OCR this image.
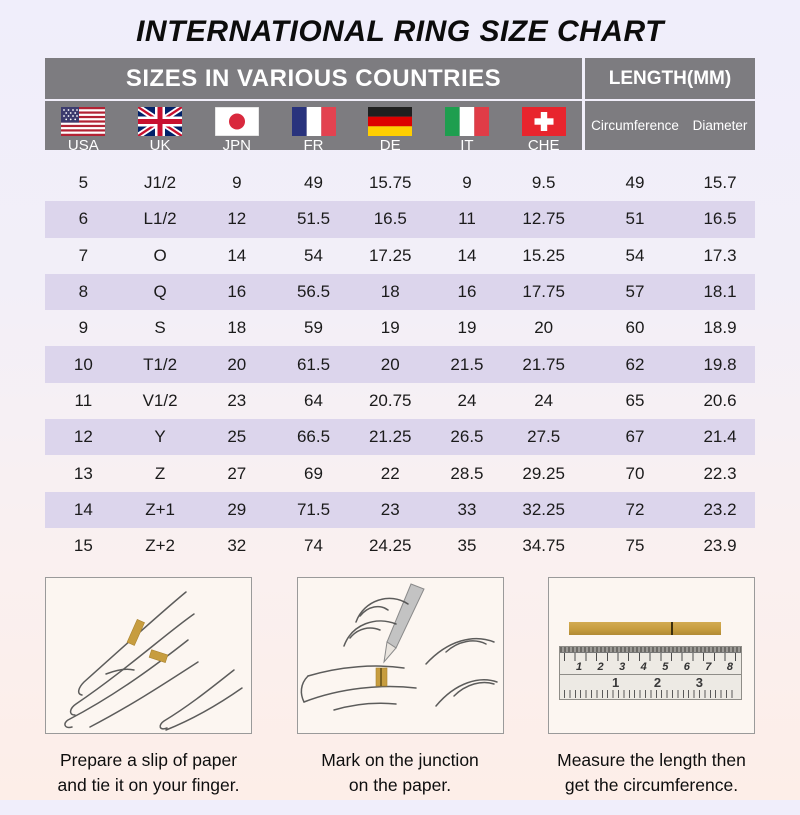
INTERNATIONAL RING SIZE CHART
SIZES IN VARIOUS COUNTRIES	LENGTH(MM)
USA	UK	JPN	FR	DE	IT	CHE
Circumference	Diameter
5	J1/2	9	49	15.75	9	9.5	49	15.7
6	L1/2	12	51.5	16.5	11	12.75	51	16.5
7	O	14	54	17.25	14	15.25	54	17.3
8	Q	16	56.5	18	16	17.75	57	18.1
9	S	18	59	19	19	20	60	18.9
10	T1/2	20	61.5	20	21.5	21.75	62	19.8
11	V1/2	23	64	20.75	24	24	65	20.6
12	Y	25	66.5	21.25	26.5	27.5	67	21.4
13	Z	27	69	22	28.5	29.25	70	22.3
14	Z+1	29	71.5	23	33	32.25	72	23.2
15	Z+2	32	74	24.25	35	34.75	75	23.9
Prepare a slip of paper
and tie it on your finger.
Mark on the junction
on the paper.
1 2 3 4 5 6 7 8
1	2	3
Measure the length then
get the circumference.
